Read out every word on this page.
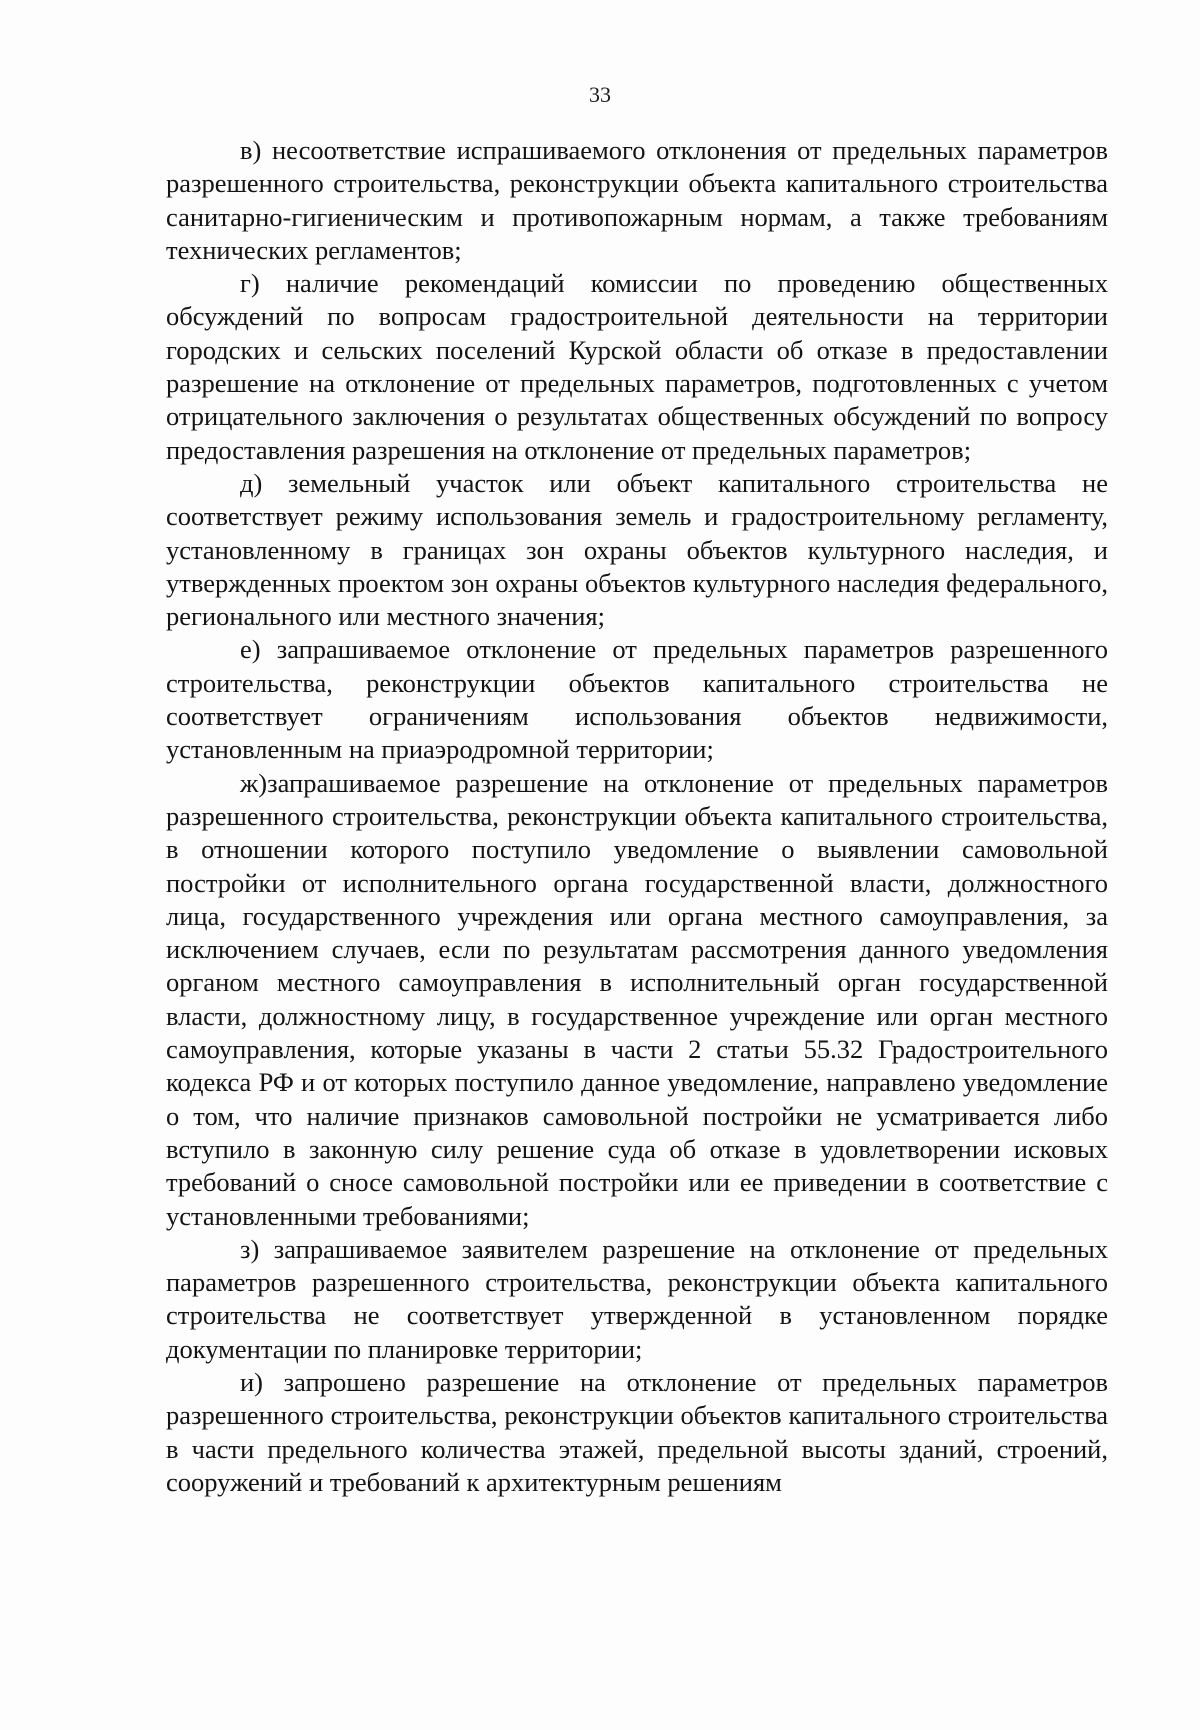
33

в) несоответствие испрашиваемого отклонения от предельных параметров разрешенного строительства, реконструкции объекта капитального строительства санитарно-гигиеническим и противопожарным нормам, а также требованиям технических регламентов;

г) наличие рекомендаций комиссии по проведению общественных обсуждений по вопросам градостроительной деятельности на территории городских и сельских поселений Курской области об отказе в предоставлении разрешение на отклонение от предельных параметров, подготовленных с учетом отрицательного заключения о результатах общественных обсуждений по вопросу предоставления разрешения на отклонение от предельных параметров;

д) земельный участок или объект капитального строительства не соответствует режиму использования земель и градостроительному регламенту, установленному в границах зон охраны объектов культурного наследия, и утвержденных проектом зон охраны объектов культурного наследия федерального, регионального или местного значения;

е) запрашиваемое отклонение от предельных параметров разрешенного строительства, реконструкции объектов капитального строительства не соответствует ограничениям использования объектов недвижимости, установленным на приаэродромной территории;

ж)запрашиваемое разрешение на отклонение от предельных параметров разрешенного строительства, реконструкции объекта капитального строительства, в отношении которого поступило уведомление о выявлении самовольной постройки от исполнительного органа государственной власти, должностного лица, государственного учреждения или органа местного самоуправления, за исключением случаев, если по результатам рассмотрения данного уведомления органом местного самоуправления в исполнительный орган государственной власти, должностному лицу, в государственное учреждение или орган местного самоуправления, которые указаны в части 2 статьи 55.32 Градостроительного кодекса РФ и от которых поступило данное уведомление, направлено уведомление о том, что наличие признаков самовольной постройки не усматривается либо вступило в законную силу решение суда об отказе в удовлетворении исковых требований о сносе самовольной постройки или ее приведении в соответствие с установленными требованиями;

з) запрашиваемое заявителем разрешение на отклонение от предельных параметров разрешенного строительства, реконструкции объекта капитального строительства не соответствует утвержденной в установленном порядке документации по планировке территории;

и) запрошено разрешение на отклонение от предельных параметров разрешенного строительства, реконструкции объектов капитального строительства в части предельного количества этажей, предельной высоты зданий, строений, сооружений и требований к архитектурным решениям
